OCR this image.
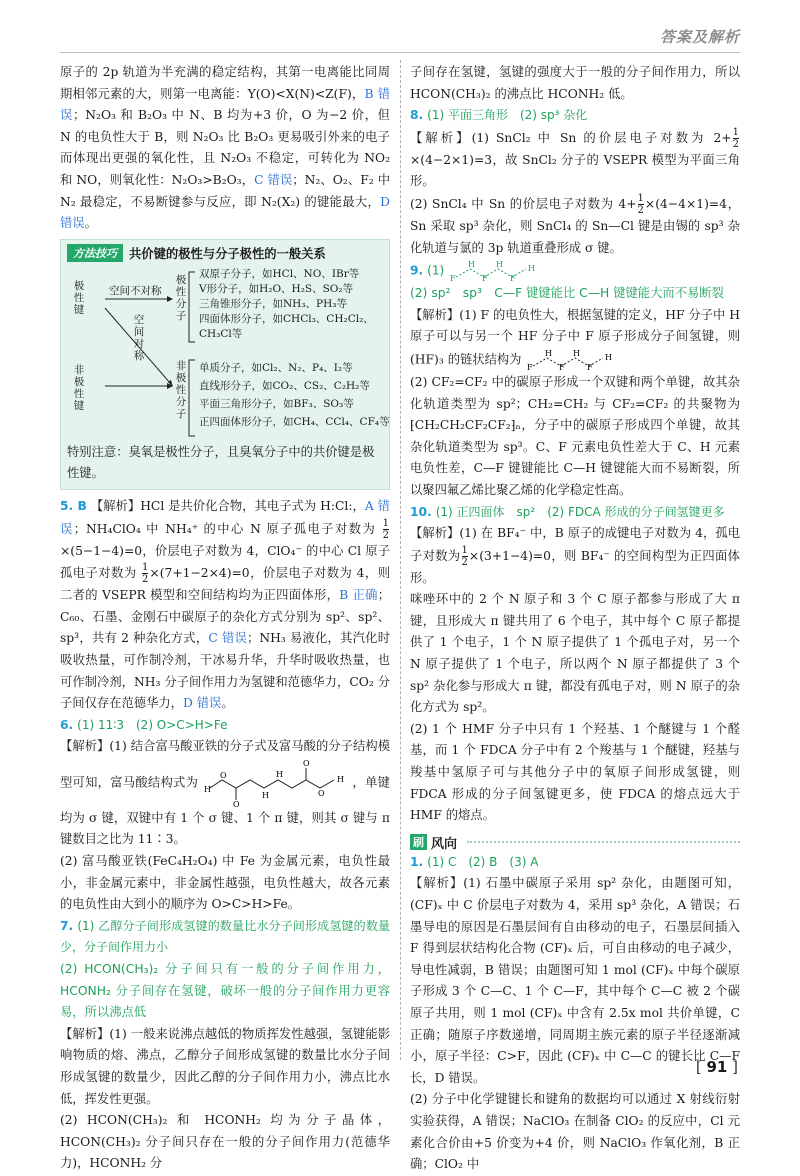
答案及解析

原子的 2p 轨道为半充满的稳定结构，其第一电离能比同周期相邻元素的大，则第一电离能：Y(O)<X(N)<Z(F)，B 错误；N₂O₃ 和 B₂O₃ 中 N、B 均为+3 价，O 为−2 价，但 N 的电负性大于 B，则 N₂O₃ 比 B₂O₃ 更易吸引外来的电子而体现出更强的氧化性，且 N₂O₃ 不稳定，可转化为 NO₂ 和 NO，则氧化性：N₂O₃>B₂O₃，C 错误；N₂、O₂、F₂ 中 N₂ 最稳定，不易断键参与反应，即 N₂(X₂) 的键能最大，D 错误。

方法技巧 共价键的极性与分子极性的一般关系
极性键
空间不对称
空间对称
极性分子
非极性键
非极性分子
双原子分子，如HCl、NO、IBr等
V形分子，如H₂O、H₂S、SO₂等
三角锥形分子，如NH₃、PH₃等
四面体形分子，如CHCl₃、CH₂Cl₂、
CH₃Cl等
单质分子，如Cl₂、N₂、P₄、I₂等
直线形分子，如CO₂、CS₂、C₂H₂等
平面三角形分子，如BF₃、SO₃等
正四面体形分子，如CH₄、CCl₄、CF₄等
特别注意：臭氧是极性分子，且臭氧分子中的共价键是极性键。

5. B 【解析】HCl 是共价化合物，其电子式为 H:Cl:，A 错误；NH₄ClO₄ 中 NH₄⁺ 的中心 N 原子孤电子对数为 $\frac{1}{2}$
×(5−1−4)=0，价层电子对数为 4，ClO₄⁻ 的中心 Cl 原子孤电子对数为 $\frac{1}{2} \times(7+1-2\times 4)=0$，价层电子对数为 4，则二者的 VSEPR 模型和空间结构均为正四面体形，B 正确；C₆₀、石墨、金刚石中碳原子的杂化方式分别为 sp²、sp²、sp³，共有 2 种杂化方式，C 错误；NH₃ 易液化，其汽化时吸收热量，可作制冷剂，干冰易升华，升华时吸收热量，也可作制冷剂，NH₃ 分子间作用力为氢键和范德华力，CO₂ 分子间仅存在范德华力，D 错误。

6. (1) 11∶3　(2) O>C>H>Fe

【解析】(1) 结合富马酸亚铁的分子式及富马酸的分子结构模型可知，富马酸结构式为 H
O
O
H
O
O
H
H
，单键均为 σ 键，双键中有 1 个 σ 键、1 个 π 键，则其 σ 键与 π 键数目之比为 11∶3。

(2) 富马酸亚铁(FeC₄H₂O₄) 中 Fe 为金属元素，电负性最小，非金属元素中，非金属性越强，电负性越大，故各元素的电负性由大到小的顺序为 O>C>H>Fe。

7. (1) 乙醇分子间形成氢键的数量比水分子间形成氢键的数量少，分子间作用力小

(2) HCON(CH₃)₂ 分子间只有一般的分子间作用力，HCONH₂ 分子间存在氢键，破坏一般的分子间作用力更容易，所以沸点低

【解析】(1) 一般来说沸点越低的物质挥发性越强，氢键能影响物质的熔、沸点，乙醇分子间形成氢键的数量比水分子间形成氢键的数量少，因此乙醇的分子间作用力小，沸点比水低，挥发性更强。

(2) HCON(CH₃)₂ 和 HCONH₂ 均为分子晶体，HCON(CH₃)₂ 分子间只存在一般的分子间作用力(范德华力)，HCONH₂ 分

子间存在氢键，氢键的强度大于一般的分子间作用力，所以 HCON(CH₃)₂ 的沸点比 HCONH₂ 低。

8. (1) 平面三角形　(2) sp³ 杂化

【解析】(1) SnCl₂ 中 Sn 的价层电子对数为 $2+ \frac{1}{2}$
×(4−2×1)=3，故 SnCl₂ 分子的 VSEPR 模型为平面三角形。

(2) SnCl₄ 中 Sn 的价层电子对数为 $4+ \frac{1}{2} \times(4-4\times 1)=4$，Sn 采取 sp³ 杂化，则 SnCl₄ 的 Sn—Cl 键是由锡的 sp³ 杂化轨道与氯的 3p 轨道重叠形成 σ 键。

9. (1)
F
H
F
H
F
H

(2) sp²　sp³　C—F 键键能比 C—H 键键能大而不易断裂

【解析】(1) F 的电负性大，根据氢键的定义，HF 分子中 H 原子可以与另一个 HF 分子中 F 原子形成分子间氢键，则 (HF)₃ 的链状结构为
F
H
F
H
F
H

(2) CF₂=CF₂ 中的碳原子形成一个双键和两个单键，故其杂化轨道类型为 sp²；CH₂=CH₂ 与 CF₂=CF₂ 的共聚物为 ⁅CH₂CH₂CF₂CF₂⁆ₙ，分子中的碳原子形成四个单键，故其杂化轨道类型为 sp³。C、F 元素电负性差大于 C、H 元素电负性差，C—F 键键能比 C—H 键键能大而不易断裂，所以聚四氟乙烯比聚乙烯的化学稳定性高。

10. (1) 正四面体　sp²　(2) FDCA 形成的分子间氢键更多

【解析】(1) 在 BF₄⁻ 中，B 原子的成键电子对数为 4，孤电子对数为 $\frac{1}{2} \times(3+1-4)=0$，则 BF₄⁻ 的空间构型为正四面体形。

咪唑环中的 2 个 N 原子和 3 个 C 原子都参与形成了大 π 键，且形成大 π 键共用了 6 个电子，其中每个 C 原子都提供了 1 个电子，1 个 N 原子提供了 1 个孤电子对，另一个 N 原子提供了 1 个电子，所以两个 N 原子都提供了 3 个 sp² 杂化参与形成大 π 键，都没有孤电子对，则 N 原子的杂化方式为 sp²。

(2) 1 个 HMF 分子中只有 1 个羟基、1 个醚键与 1 个醛基，而 1 个 FDCA 分子中有 2 个羧基与 1 个醚键，羟基与羧基中氢原子可与其他分子中的氧原子间形成氢键，则 FDCA 形成的分子间氢键更多，使 FDCA 的熔点远大于 HMF 的熔点。

刷 风向

1. (1) C　(2) B　(3) A

【解析】(1) 石墨中碳原子采用 sp² 杂化，由题图可知，(CF)ₓ 中 C 价层电子对数为 4，采用 sp³ 杂化，A 错误；石墨导电的原因是石墨层间有自由移动的电子，石墨层间插入 F 得到层状结构化合物 (CF)ₓ 后，可自由移动的电子减少，导电性减弱，B 错误；由题图可知 1 mol (CF)ₓ 中每个碳原子形成 3 个 C—C、1 个 C—F，其中每个 C—C 被 2 个碳原子共用，则 1 mol (CF)ₓ 中含有 2.5x mol 共价单键，C 正确；随原子序数递增，同周期主族元素的原子半径逐渐减小，原子半径：C>F，因此 (CF)ₓ 中 C—C 的键长比 C—F 长，D 错误。

(2) 分子中化学键键长和键角的数据均可以通过 X 射线衍射实验获得，A 错误；NaClO₃ 在制备 ClO₂ 的反应中，Cl 元素化合价由+5 价变为+4 价，则 NaClO₃ 作氧化剂，B 正确；ClO₂ 中

[ 91 ]
